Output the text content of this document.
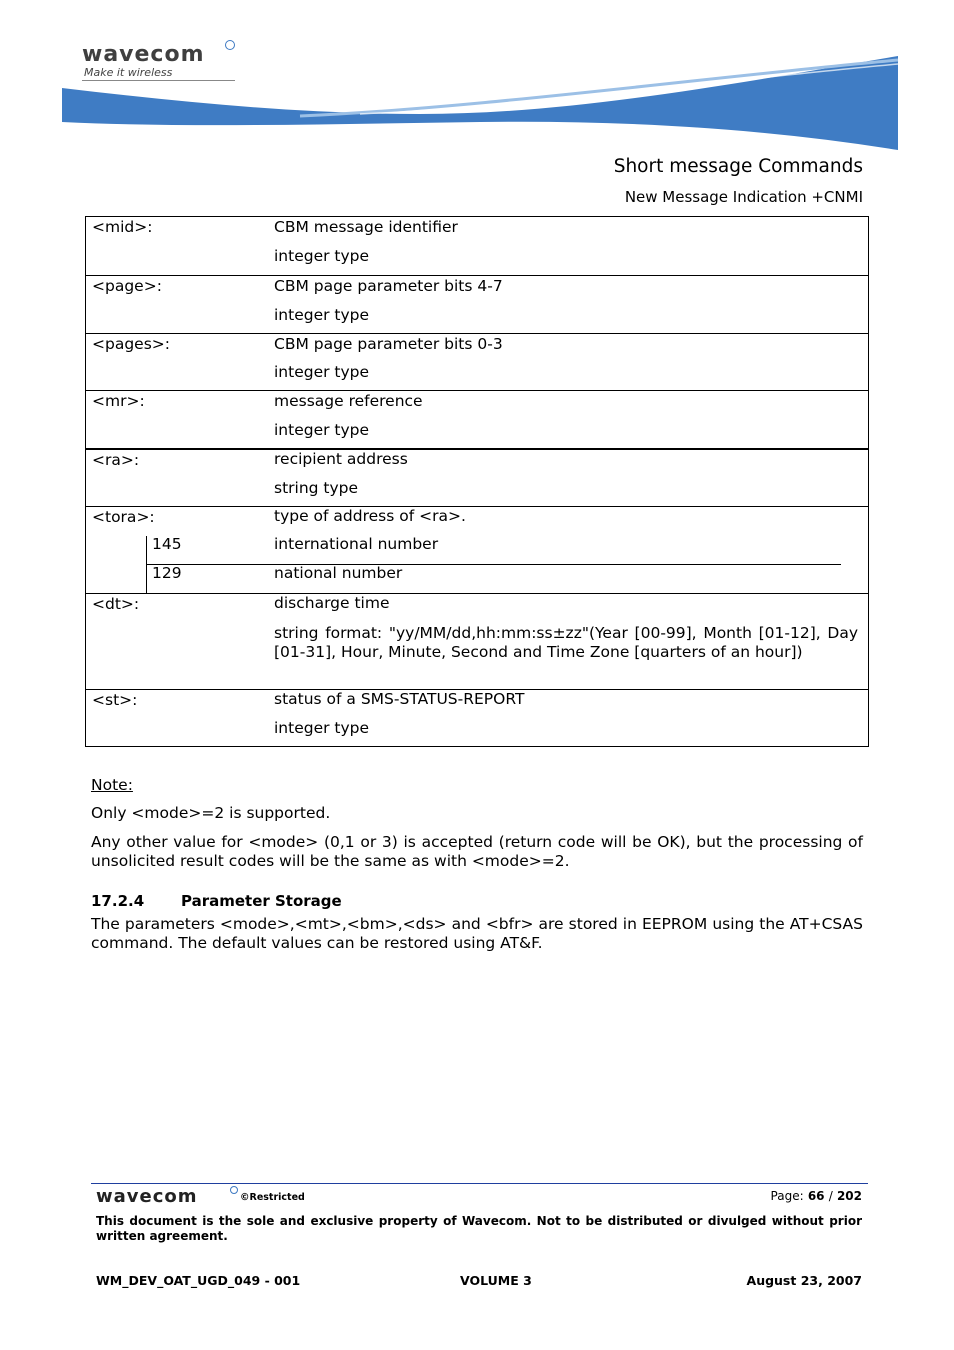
wavecom
Make it wireless
Short message Commands
New Message Indication +CNMI
<mid>:	CBM message identifier

integer type

<page>:	CBM page parameter bits 4-7

integer type

<pages>:	CBM page parameter bits 0-3

integer type

<mr>:	message reference

integer type

<ra>:	recipient address

string type

<tora>:	type of address of <ra>.

145	international number
129	national number
<dt>:	discharge time

string format: "yy/MM/dd,hh:mm:ss±zz"(Year [00-99], Month [01-12], Day [01-31], Hour, Minute, Second and Time Zone [quarters of an hour])

<st>:	status of a SMS-STATUS-REPORT

integer type

Note:
Only <mode>=2 is supported.
Any other value for <mode> (0,1 or 3) is accepted (return code will be OK), but the processing of unsolicited result codes will be the same as with <mode>=2.
17.2.4 Parameter Storage
The parameters <mode>,<mt>,<bm>,<ds> and <bfr> are stored in EEPROM using the AT+CSAS command. The default values can be restored using AT&F.
wavecom	©Restricted	Page: 66 / 202
This document is the sole and exclusive property of Wavecom. Not to be distributed or divulged without prior written agreement.
WM_DEV_OAT_UGD_049 - 001	VOLUME 3	August 23, 2007
